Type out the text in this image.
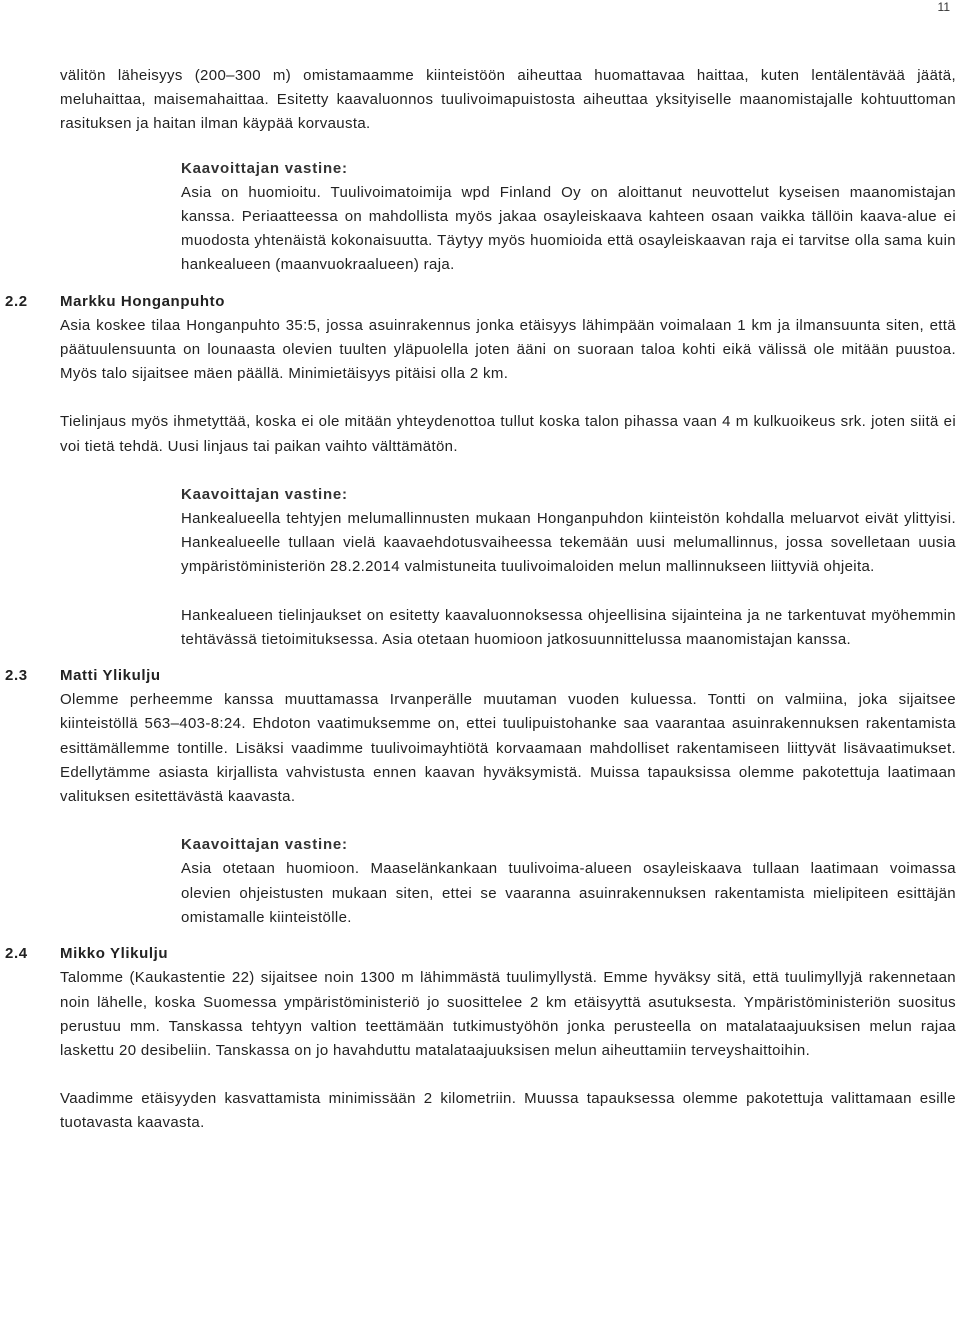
11

välitön läheisyys (200–300 m) omistamaamme kiinteistöön aiheuttaa huomattavaa haittaa, kuten lentälentävää jäätä, meluhaittaa, maisemahaittaa. Esitetty kaavaluonnos tuulivoimapuistosta aiheuttaa yksityiselle maanomistajalle kohtuuttoman rasituksen ja haitan ilman käypää korvausta.

Kaavoittajan vastine:

Asia on huomioitu. Tuulivoimatoimija wpd Finland Oy on aloittanut neuvottelut kyseisen maanomistajan kanssa. Periaatteessa on mahdollista myös jakaa osayleiskaava kahteen osaan vaikka tällöin kaava-alue ei muodosta yhtenäistä kokonaisuutta. Täytyy myös huomioida että osayleiskaavan raja ei tarvitse olla sama kuin hankealueen (maanvuokraalueen) raja.

2.2 Markku Honganpuhto

Asia koskee tilaa Honganpuhto 35:5, jossa asuinrakennus jonka etäisyys lähimpään voimalaan 1 km ja ilmansuunta siten, että päätuulensuunta on lounaasta olevien tuulten yläpuolella joten ääni on suoraan taloa kohti eikä välissä ole mitään puustoa. Myös talo sijaitsee mäen päällä. Minimietäisyys pitäisi olla 2 km.

Tielinjaus myös ihmetyttää, koska ei ole mitään yhteydenottoa tullut koska talon pihassa vaan 4 m kulkuoikeus srk. joten siitä ei voi tietä tehdä. Uusi linjaus tai paikan vaihto välttämätön.

Kaavoittajan vastine:

Hankealueella tehtyjen melumallinnusten mukaan Honganpuhdon kiinteistön kohdalla meluarvot eivät ylittyisi. Hankealueelle tullaan vielä kaavaehdotusvaiheessa tekemään uusi melumallinnus, jossa sovelletaan uusia ympäristöministeriön 28.2.2014 valmistuneita tuulivoimaloiden melun mallinnukseen liittyviä ohjeita.

Hankealueen tielinjaukset on esitetty kaavaluonnoksessa ohjeellisina sijainteina ja ne tarkentuvat myöhemmin tehtävässä tietoimituksessa. Asia otetaan huomioon jatkosuunnittelussa maanomistajan kanssa.

2.3 Matti Ylikulju

Olemme perheemme kanssa muuttamassa Irvanperälle muutaman vuoden kuluessa. Tontti on valmiina, joka sijaitsee kiinteistöllä 563–403-8:24. Ehdoton vaatimuksemme on, ettei tuulipuistohanke saa vaarantaa asuinrakennuksen rakentamista esittämällemme tontille. Lisäksi vaadimme tuulivoimayhtiötä korvaamaan mahdolliset rakentamiseen liittyvät lisävaatimukset. Edellytämme asiasta kirjallista vahvistusta ennen kaavan hyväksymistä. Muissa tapauksissa olemme pakotettuja laatimaan valituksen esitettävästä kaavasta.

Kaavoittajan vastine:

Asia otetaan huomioon. Maaselänkankaan tuulivoima-alueen osayleiskaava tullaan laatimaan voimassa olevien ohjeistusten mukaan siten, ettei se vaaranna asuinrakennuksen rakentamista mielipiteen esittäjän omistamalle kiinteistölle.

2.4 Mikko Ylikulju

Talomme (Kaukastentie 22) sijaitsee noin 1300 m lähimmästä tuulimyllystä. Emme hyväksy sitä, että tuulimyllyjä rakennetaan noin lähelle, koska Suomessa ympäristöministeriö jo suosittelee 2 km etäisyyttä asutuksesta. Ympäristöministeriön suositus perustuu mm. Tanskassa tehtyyn valtion teettämään tutkimustyöhön jonka perusteella on matalataajuuksisen melun rajaa laskettu 20 desibeliin. Tanskassa on jo havahduttu matalataajuuksisen melun aiheuttamiin terveyshaittoihin.

Vaadimme etäisyyden kasvattamista minimissään 2 kilometriin. Muussa tapauksessa olemme pakotettuja valittamaan esille tuotavasta kaavasta.
